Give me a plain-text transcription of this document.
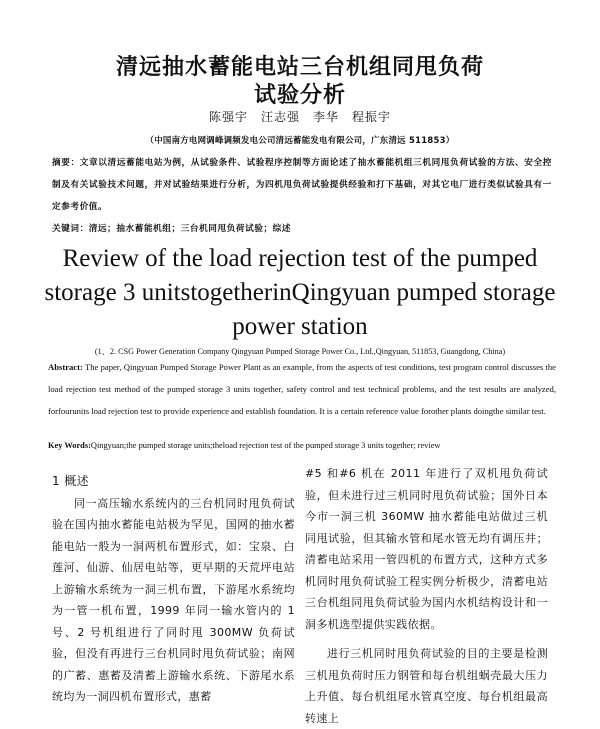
清远抽水蓄能电站三台机组同甩负荷
试验分析
陈强宇　汪志强　李华　程振宇
（中国南方电网调峰调频发电公司清远蓄能发电有限公司，广东清远 511853）
摘要：文章以清远蓄能电站为例，从试验条件、试验程序控制等方面论述了抽水蓄能机组三机同甩负荷试验的方法、安全控制及有关试验技术问题，并对试验结果进行分析，为四机甩负荷试验提供经验和打下基础，对其它电厂进行类似试验具有一定参考价值。
关键词：清远；抽水蓄能机组；三台机同甩负荷试验；综述
Review of the load rejection test of the pumped storage 3 unitstogetherinQingyuan pumped storage power station
(1、2. CSG Power Generation Company Qingyuan Pumped Storage Power Co., Ltd.,Qingyuan, 511853, Guangdong, China)
Abstract: The paper, Qingyuan Pumped Storage Power Plant as an example, from the aspects of test conditions, test program control discusses the load rejection test method of the pumped storage 3 units together, safety control and test technical problems, and the test results are analyzed, forfourunits load rejection test to provide experience and establish foundation. It is a certain reference value forother plants doingthe similar test.
Key Words:Qingyuan;the pumped storage units;theload rejection test of the pumped storage 3 units together; review
1 概述

同一高压输水系统内的三台机同时甩负荷试验在国内抽水蓄能电站极为罕见，国网的抽水蓄能电站一般为一洞两机布置形式，如：宝泉、白莲河、仙游、仙居电站等，更早期的天荒坪电站上游输水系统为一洞三机布置，下游尾水系统均为一管一机布置，1999 年同一输水管内的 1 号、2 号机组进行了同时甩 300MW 负荷试验，但没有再进行三台机同时甩负荷试验；南网的广蓄、惠蓄及清蓄上游输水系统、下游尾水系统均为一洞四机布置形式，惠蓄

#5 和#6 机在 2011 年进行了双机甩负荷试验，但未进行过三机同时甩负荷试验；国外日本今市一洞三机 360MW 抽水蓄能电站做过三机同甩试验，但其输水管和尾水管无均有调压井；清蓄电站采用一管四机的布置方式，这种方式多机同时甩负荷试验工程实例分析极少，清蓄电站三台机组同甩负荷试验为国内水机结构设计和一洞多机选型提供实践依据。

进行三机同时甩负荷试验的目的主要是检测三机甩负荷时压力钢管和每台机组蜗壳最大压力上升值、每台机组尾水管真空度、每台机组最高转速上
